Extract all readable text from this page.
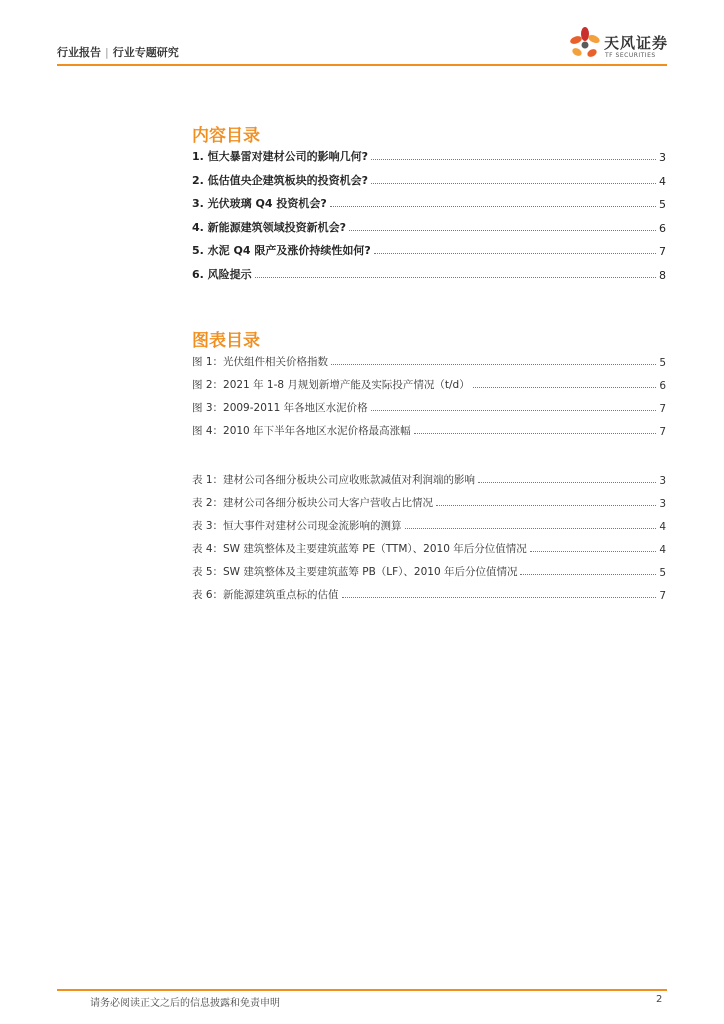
行业报告 | 行业专题研究
天风证券
TF SECURITIES
内容目录
1. 恒大暴雷对建材公司的影响几何?	3
2. 低估值央企建筑板块的投资机会?	4
3. 光伏玻璃 Q4 投资机会?	5
4. 新能源建筑领域投资新机会?	6
5. 水泥 Q4 限产及涨价持续性如何?	7
6. 风险提示	8
图表目录
图 1：光伏组件相关价格指数	5
图 2：2021 年 1-8 月规划新增产能及实际投产情况（t/d）	6
图 3：2009-2011 年各地区水泥价格	7
图 4：2010 年下半年各地区水泥价格最高涨幅	7
表 1：建材公司各细分板块公司应收账款减值对利润端的影响	3
表 2：建材公司各细分板块公司大客户营收占比情况	3
表 3：恒大事件对建材公司现金流影响的测算	4
表 4：SW 建筑整体及主要建筑蓝筹 PE（TTM）、2010 年后分位值情况	4
表 5：SW 建筑整体及主要建筑蓝筹 PB（LF）、2010 年后分位值情况	5
表 6：新能源建筑重点标的估值	7
请务必阅读正文之后的信息披露和免责申明	2
